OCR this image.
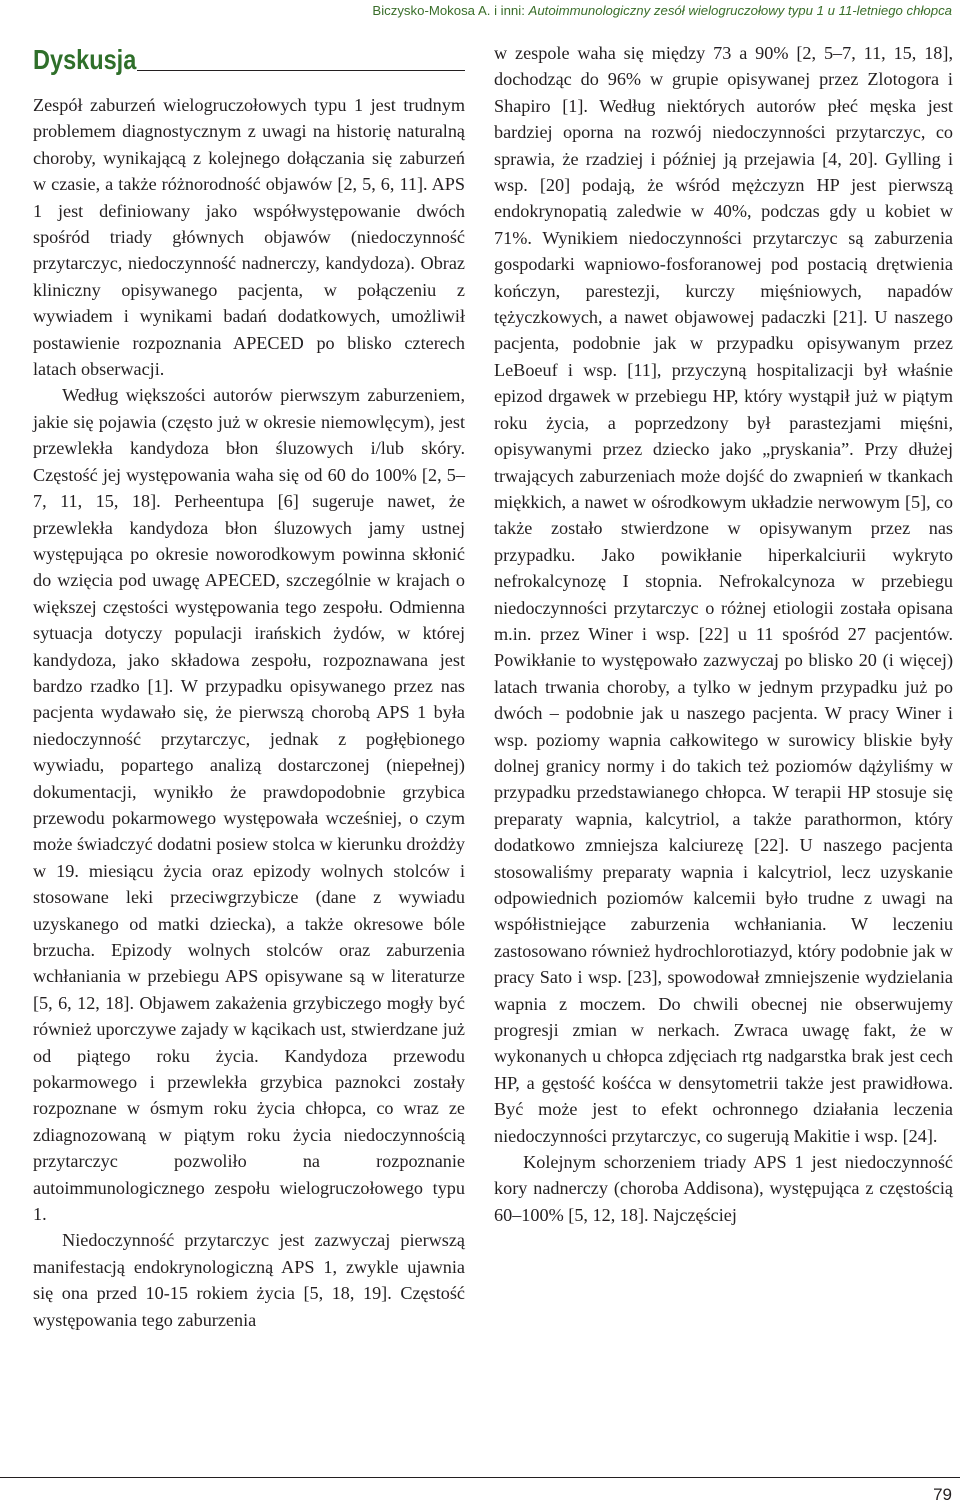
Biczysko-Mokosa A. i inni: Autoimmunologiczny zesół wielogruczołowy typu 1 u 11-letniego chłopca
Dyskusja

Zespół zaburzeń wielogruczołowych typu 1 jest trudnym problemem diagnostycznym z uwagi na historię naturalną choroby, wynikającą z kolejnego dołączania się zaburzeń w czasie, a także różnorodność objawów [2, 5, 6, 11]. APS 1 jest definiowany jako współwystępowanie dwóch spośród triady głównych objawów (niedoczynność przytarczyc, niedoczynność nadnerczy, kandydoza). Obraz kliniczny opisywanego pacjenta, w połączeniu z wywiadem i wynikami badań dodatkowych, umożliwił postawienie rozpoznania APECED po blisko czterech latach obserwacji.

Według większości autorów pierwszym zaburzeniem, jakie się pojawia (często już w okresie niemowlęcym), jest przewlekła kandydoza błon śluzowych i/lub skóry. Częstość jej występowania waha się od 60 do 100% [2, 5–7, 11, 15, 18]. Perheentupa [6] sugeruje nawet, że przewlekła kandydoza błon śluzowych jamy ustnej występująca po okresie noworodkowym powinna skłonić do wzięcia pod uwagę APECED, szczególnie w krajach o większej częstości występowania tego zespołu. Odmienna sytuacja dotyczy populacji irańskich żydów, w której kandydoza, jako składowa zespołu, rozpoznawana jest bardzo rzadko [1]. W przypadku opisywanego przez nas pacjenta wydawało się, że pierwszą chorobą APS 1 była niedoczynność przytarczyc, jednak z pogłębionego wywiadu, popartego analizą dostarczonej (niepełnej) dokumentacji, wynikło że prawdopodobnie grzybica przewodu pokarmowego występowała wcześniej, o czym może świadczyć dodatni posiew stolca w kierunku drożdży w 19. miesiącu życia oraz epizody wolnych stolców i stosowane leki przeciwgrzybicze (dane z wywiadu uzyskanego od matki dziecka), a także okresowe bóle brzucha. Epizody wolnych stolców oraz zaburzenia wchłaniania w przebiegu APS opisywane są w literaturze [5, 6, 12, 18]. Objawem zakażenia grzybiczego mogły być również uporczywe zajady w kącikach ust, stwierdzane już od piątego roku życia. Kandydoza przewodu pokarmowego i przewlekła grzybica paznokci zostały rozpoznane w ósmym roku życia chłopca, co wraz ze zdiagnozowaną w piątym roku życia niedoczynnością przytarczyc pozwoliło na rozpoznanie autoimmunologicznego zespołu wielogruczołowego typu 1.

Niedoczynność przytarczyc jest zazwyczaj pierwszą manifestacją endokrynologiczną APS 1, zwykle ujawnia się ona przed 10-15 rokiem życia [5, 18, 19]. Częstość występowania tego zaburzenia

w zespole waha się między 73 a 90% [2, 5–7, 11, 15, 18], dochodząc do 96% w grupie opisywanej przez Zlotogora i Shapiro [1]. Według niektórych autorów płeć męska jest bardziej oporna na rozwój niedoczynności przytarczyc, co sprawia, że rzadziej i później ją przejawia [4, 20]. Gylling i wsp. [20] podają, że wśród mężczyzn HP jest pierwszą endokrynopatią zaledwie w 40%, podczas gdy u kobiet w 71%. Wynikiem niedoczynności przytarczyc są zaburzenia gospodarki wapniowo-fosforanowej pod postacią drętwienia kończyn, parestezji, kurczy mięśniowych, napadów tężyczkowych, a nawet objawowej padaczki [21]. U naszego pacjenta, podobnie jak w przypadku opisywanym przez LeBoeuf i wsp. [11], przyczyną hospitalizacji był właśnie epizod drgawek w przebiegu HP, który wystąpił już w piątym roku życia, a poprzedzony był parastezjami mięśni, opisywanymi przez dziecko jako „pryskania”. Przy dłużej trwających zaburzeniach może dojść do zwapnień w tkankach miękkich, a nawet w ośrodkowym układzie nerwowym [5], co także zostało stwierdzone w opisywanym przez nas przypadku. Jako powikłanie hiperkalciurii wykryto nefrokalcynozę I stopnia. Nefrokalcynoza w przebiegu niedoczynności przytarczyc o różnej etiologii została opisana m.in. przez Winer i wsp. [22] u 11 spośród 27 pacjentów. Powikłanie to występowało zazwyczaj po blisko 20 (i więcej) latach trwania choroby, a tylko w jednym przypadku już po dwóch – podobnie jak u naszego pacjenta. W pracy Winer i wsp. poziomy wapnia całkowitego w surowicy bliskie były dolnej granicy normy i do takich też poziomów dążyliśmy w przypadku przedstawianego chłopca. W terapii HP stosuje się preparaty wapnia, kalcytriol, a także parathormon, który dodatkowo zmniejsza kalciurezę [22]. U naszego pacjenta stosowaliśmy preparaty wapnia i kalcytriol, lecz uzyskanie odpowiednich poziomów kalcemii było trudne z uwagi na współistniejące zaburzenia wchłaniania. W leczeniu zastosowano również hydrochlorotiazyd, który podobnie jak w pracy Sato i wsp. [23], spowodował zmniejszenie wydzielania wapnia z moczem. Do chwili obecnej nie obserwujemy progresji zmian w nerkach. Zwraca uwagę fakt, że w wykonanych u chłopca zdjęciach rtg nadgarstka brak jest cech HP, a gęstość kośćca w densytometrii także jest prawidłowa. Być może jest to efekt ochronnego działania leczenia niedoczynności przytarczyc, co sugerują Makitie i wsp. [24].

Kolejnym schorzeniem triady APS 1 jest niedoczynność kory nadnerczy (choroba Addisona), występująca z częstością 60–100% [5, 12, 18]. Najczęściej

79
